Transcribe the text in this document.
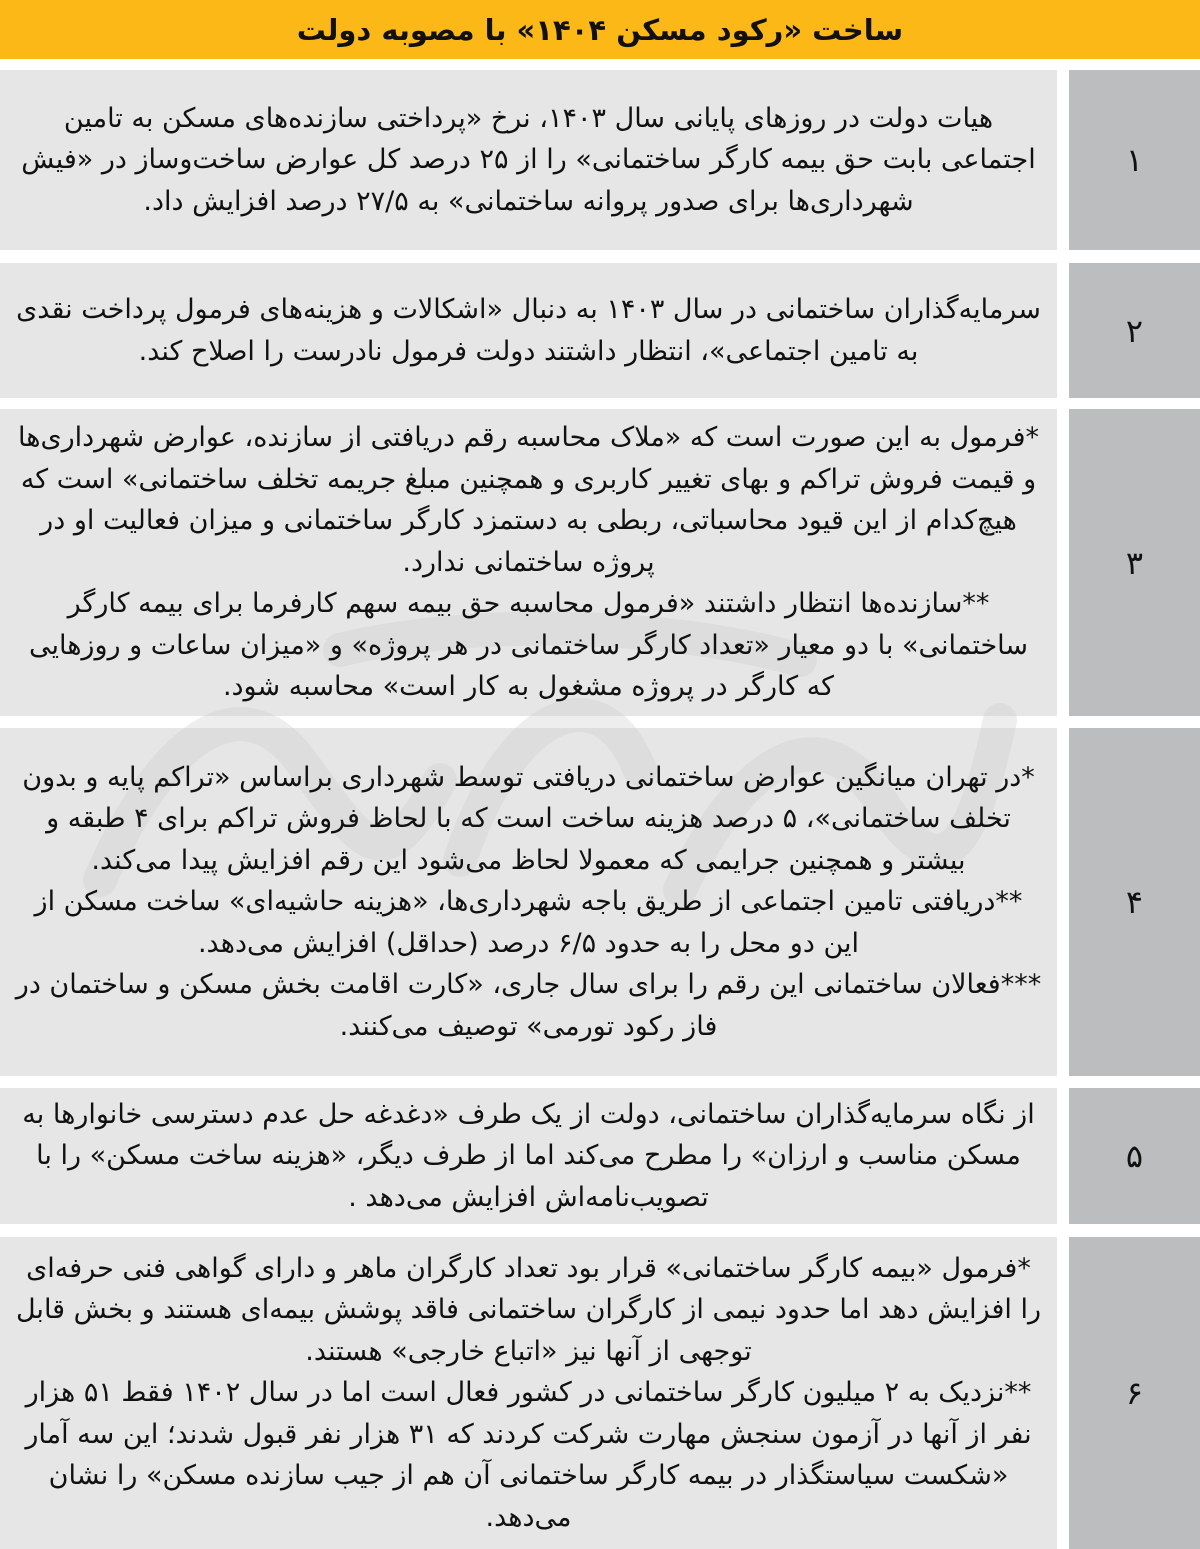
ساخت «رکود مسکن ۱۴۰۴» با مصوبه دولت

هیات دولت در روزهای پایانی سال ۱۴۰۳، نرخ «پرداختی سازنده‌های مسکن به تامین اجتماعی بابت حق بیمه کارگر ساختمانی» را از ۲۵ درصد کل عوارض ساخت‌وساز در «فیش شهرداری‌ها برای صدور پروانه ساختمانی» به ۲۷/۵ درصد افزایش داد.

۱

سرمایه‌گذاران ساختمانی در سال ۱۴۰۳ به دنبال «اشکالات و هزینه‌های فرمول پرداخت نقدی به تامین اجتماعی»، انتظار داشتند دولت فرمول نادرست را اصلاح کند.

۲

*فرمول به این صورت است که «ملاک محاسبه رقم دریافتی از سازنده، عوارض شهرداری‌ها و قیمت فروش تراکم و بهای تغییر کاربری و همچنین مبلغ جریمه تخلف ساختمانی» است که هیچ‌کدام از این قیود محاسباتی، ربطی به دستمزد کارگر ساختمانی و میزان فعالیت او در پروژه ساختمانی ندارد.

**سازنده‌ها انتظار داشتند «فرمول محاسبه حق بیمه سهم کارفرما برای بیمه کارگر ساختمانی» با دو معیار «تعداد کارگر ساختمانی در هر پروژه» و «میزان ساعات و روزهایی که کارگر در پروژه مشغول به کار است» محاسبه شود.

۳

*در تهران میانگین عوارض ساختمانی دریافتی توسط شهرداری براساس «تراکم پایه و بدون تخلف ساختمانی»، ۵ درصد هزینه ساخت است که با لحاظ فروش تراکم برای ۴ طبقه و بیشتر و همچنین جرایمی که معمولا لحاظ می‌شود این رقم افزایش پیدا می‌کند.

**دریافتی تامین اجتماعی از طریق باجه شهرداری‌ها، «هزینه حاشیه‌ای» ساخت مسکن از این دو محل را به حدود ۶/۵ درصد (حداقل) افزایش می‌دهد.

***فعالان ساختمانی این رقم را برای سال جاری، «کارت اقامت بخش مسکن و ساختمان در فاز رکود تورمی» توصیف می‌کنند.

۴

از نگاه سرمایه‌گذاران ساختمانی، دولت از یک طرف «دغدغه حل عدم دسترسی خانوارها به مسکن مناسب و ارزان» را مطرح می‌کند اما از طرف دیگر، «هزینه ساخت مسکن» را با تصویب‌نامه‌اش افزایش می‌دهد .

۵

*فرمول «بیمه کارگر ساختمانی» قرار بود تعداد کارگران ماهر و دارای گواهی فنی حرفه‌ای را افزایش دهد اما حدود نیمی از کارگران ساختمانی فاقد پوشش بیمه‌ای هستند و بخش قابل توجهی از آنها نیز «اتباع خارجی» هستند.

**نزدیک به ۲ میلیون کارگر ساختمانی در کشور فعال است اما در سال ۱۴۰۲ فقط ۵۱ هزار نفر از آنها در آزمون سنجش مهارت شرکت کردند که ۳۱ هزار نفر قبول شدند؛ این سه آمار «شکست سیاستگذار در بیمه کارگر ساختمانی آن هم از جیب سازنده مسکن» را نشان می‌دهد.

۶
